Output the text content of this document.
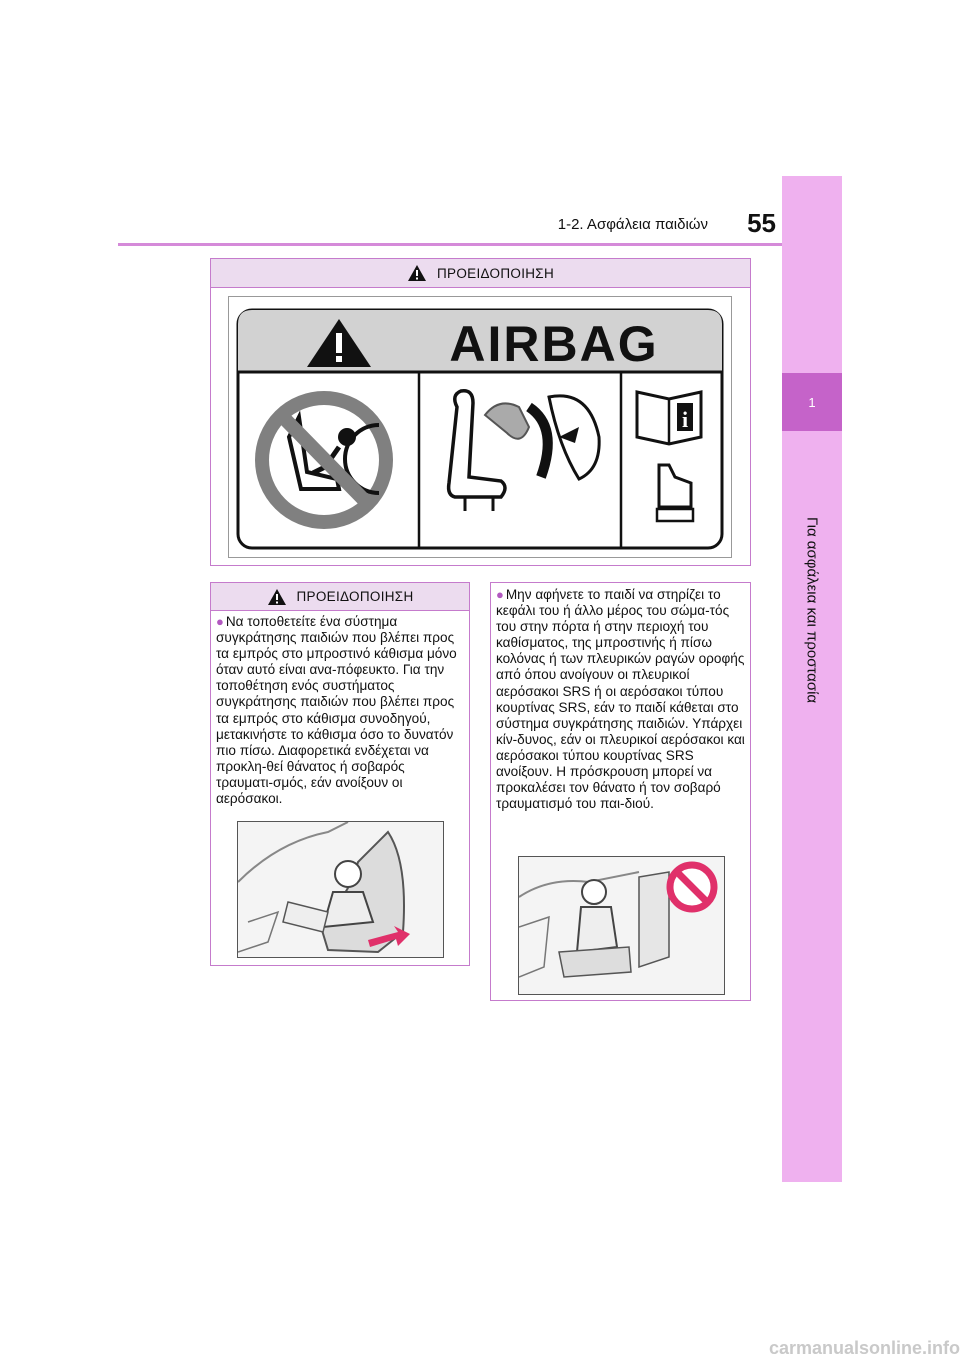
1-2. Ασφάλεια παιδιών	55
1
Για ασφάλεια και προστασία
ΠΡΟΕΙΔΟΠΟΙΗΣΗ
AIRBAG
i
ΠΡΟΕΙΔΟΠΟΙΗΣΗ

● Να τοποθετείτε ένα σύστημα συγκράτησης παιδιών που βλέπει προς τα εμπρός στο μπροστινό κάθισμα μόνο όταν αυτό είναι ανα-πόφευκτο. Για την τοποθέτηση ενός συστήματος συγκράτησης παιδιών που βλέπει προς τα εμπρός στο κάθισμα συνοδηγού, μετακινήστε το κάθισμα όσο το δυνατόν πιο πίσω. Διαφορετικά ενδέχεται να προκλη-θεί θάνατος ή σοβαρός τραυματι-σμός, εάν ανοίξουν οι αερόσακοι.

● Μην αφήνετε το παιδί να στηρίζει το κεφάλι του ή άλλο μέρος του σώμα-τός του στην πόρτα ή στην περιοχή του καθίσματος, της μπροστινής ή πίσω κολόνας ή των πλευρικών ραγών οροφής από όπου ανοίγουν οι πλευρικοί αερόσακοι SRS ή οι αερόσακοι τύπου κουρτίνας SRS, εάν το παιδί κάθεται στο σύστημα συγκράτησης παιδιών. Υπάρχει κίν-δυνος, εάν οι πλευρικοί αερόσακοι και αερόσακοι τύπου κουρτίνας SRS ανοίξουν. Η πρόσκρουση μπορεί να προκαλέσει τον θάνατο ή τον σοβαρό τραυματισμό του παι-διού.

carmanualsonline.info
